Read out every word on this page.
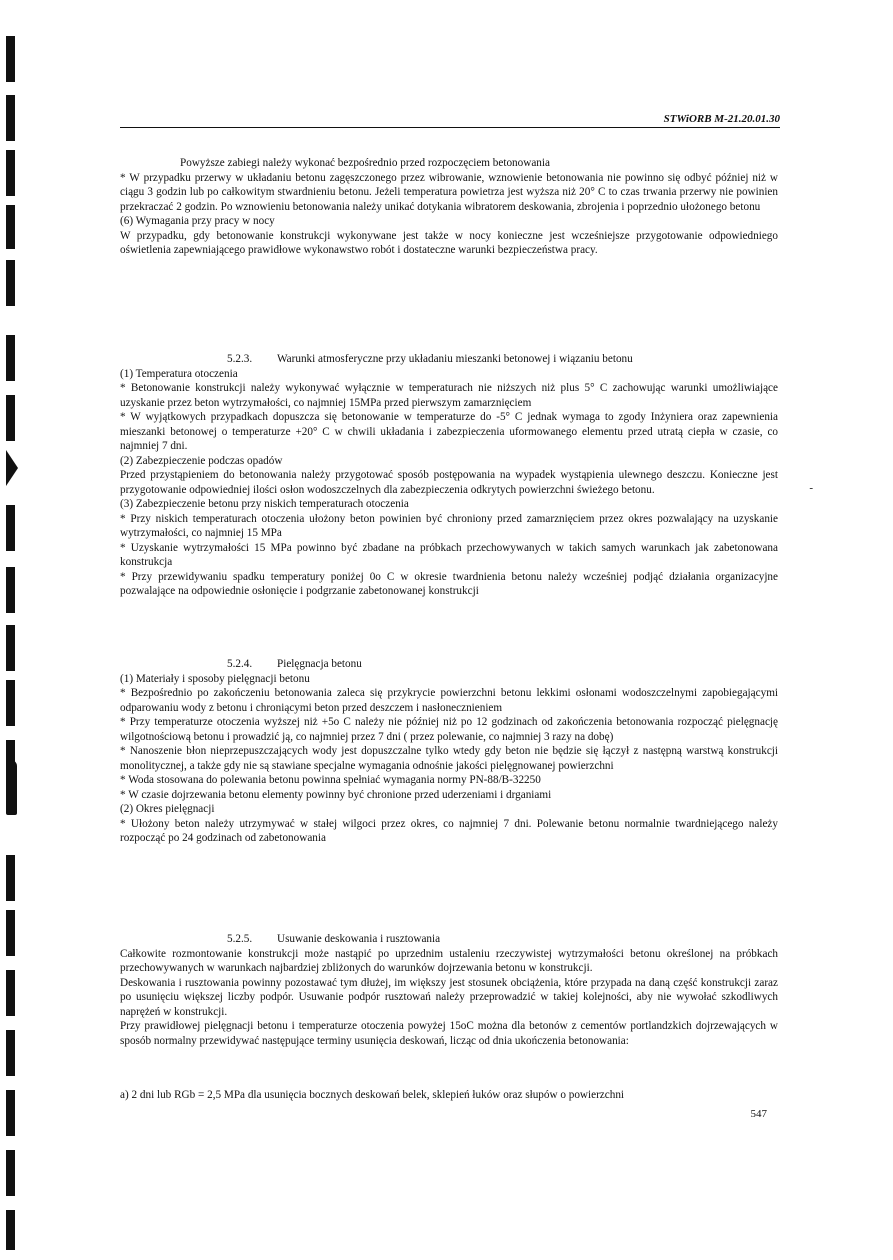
STWiORB M-21.20.01.30

Powyższe zabiegi należy wykonać bezpośrednio przed rozpoczęciem betonowania

* W przypadku przerwy w układaniu betonu zagęszczonego przez wibrowanie, wznowienie betonowania nie powinno się odbyć później niż w ciągu 3 godzin lub po całkowitym stwardnieniu betonu. Jeżeli temperatura powietrza jest wyższa niż 20° C to czas trwania przerwy nie powinien przekraczać 2 godzin. Po wznowieniu betonowania należy unikać dotykania wibratorem deskowania, zbrojenia i poprzednio ułożonego betonu

(6) Wymagania przy pracy w nocy

W przypadku, gdy betonowanie konstrukcji wykonywane jest także w nocy konieczne jest wcześniejsze przygotowanie odpowiedniego oświetlenia zapewniającego prawidłowe wykonawstwo robót i dostateczne warunki bezpieczeństwa pracy.

5.2.3. Warunki atmosferyczne przy układaniu mieszanki betonowej i wiązaniu betonu

(1) Temperatura otoczenia

* Betonowanie konstrukcji należy wykonywać wyłącznie w temperaturach nie niższych niż plus 5° C zachowując warunki umożliwiające uzyskanie przez beton wytrzymałości, co najmniej 15MPa przed pierwszym zamarznięciem

* W wyjątkowych przypadkach dopuszcza się betonowanie w temperaturze do -5° C jednak wymaga to zgody Inżyniera oraz zapewnienia mieszanki betonowej o temperaturze +20° C w chwili układania i zabezpieczenia uformowanego elementu przed utratą ciepła w czasie, co najmniej 7 dni.

(2) Zabezpieczenie podczas opadów

Przed przystąpieniem do betonowania należy przygotować sposób postępowania na wypadek wystąpienia ulewnego deszczu. Konieczne jest przygotowanie odpowiedniej ilości osłon wodoszczelnych dla zabezpieczenia odkrytych powierzchni świeżego betonu.

(3) Zabezpieczenie betonu przy niskich temperaturach otoczenia

* Przy niskich temperaturach otoczenia ułożony beton powinien być chroniony przed zamarznięciem przez okres pozwalający na uzyskanie wytrzymałości, co najmniej 15 MPa

* Uzyskanie wytrzymałości 15 MPa powinno być zbadane na próbkach przechowywanych w takich samych warunkach jak zabetonowana konstrukcja

* Przy przewidywaniu spadku temperatury poniżej 0o C w okresie twardnienia betonu należy wcześniej podjąć działania organizacyjne pozwalające na odpowiednie osłonięcie i podgrzanie zabetonowanej konstrukcji

-

5.2.4. Pielęgnacja betonu

(1) Materiały i sposoby pielęgnacji betonu

* Bezpośrednio po zakończeniu betonowania zaleca się przykrycie powierzchni betonu lekkimi osłonami wodoszczelnymi zapobiegającymi odparowaniu wody z betonu i chroniącymi beton przed deszczem i nasłonecznieniem

* Przy temperaturze otoczenia wyższej niż +5o C należy nie później niż po 12 godzinach od zakończenia betonowania rozpocząć pielęgnację wilgotnościową betonu i prowadzić ją, co najmniej przez 7 dni ( przez polewanie, co najmniej 3 razy na dobę)

* Nanoszenie błon nieprzepuszczających wody jest dopuszczalne tylko wtedy gdy beton nie będzie się łączył z następną warstwą konstrukcji monolitycznej, a także gdy nie są stawiane specjalne wymagania odnośnie jakości pielęgnowanej powierzchni

* Woda stosowana do polewania betonu powinna spełniać wymagania normy PN-88/B-32250

* W czasie dojrzewania betonu elementy powinny być chronione przed uderzeniami i drganiami

(2) Okres pielęgnacji

* Ułożony beton należy utrzymywać w stałej wilgoci przez okres, co najmniej 7 dni. Polewanie betonu normalnie twardniejącego należy rozpocząć po 24 godzinach od zabetonowania

5.2.5. Usuwanie deskowania i rusztowania

Całkowite rozmontowanie konstrukcji może nastąpić po uprzednim ustaleniu rzeczywistej wytrzymałości betonu określonej na próbkach przechowywanych w warunkach najbardziej zbliżonych do warunków dojrzewania betonu w konstrukcji.

Deskowania i rusztowania powinny pozostawać tym dłużej, im większy jest stosunek obciążenia, które przypada na daną część konstrukcji zaraz po usunięciu większej liczby podpór. Usuwanie podpór rusztowań należy przeprowadzić w takiej kolejności, aby nie wywołać szkodliwych naprężeń w konstrukcji.

Przy prawidłowej pielęgnacji betonu i temperaturze otoczenia powyżej 15oC można dla betonów z cementów portlandzkich dojrzewających w sposób normalny przewidywać następujące terminy usunięcia deskowań, licząc od dnia ukończenia betonowania:

a) 2 dni lub RGb = 2,5 MPa dla usunięcia bocznych deskowań belek, sklepień łuków oraz słupów o powierzchni

547
